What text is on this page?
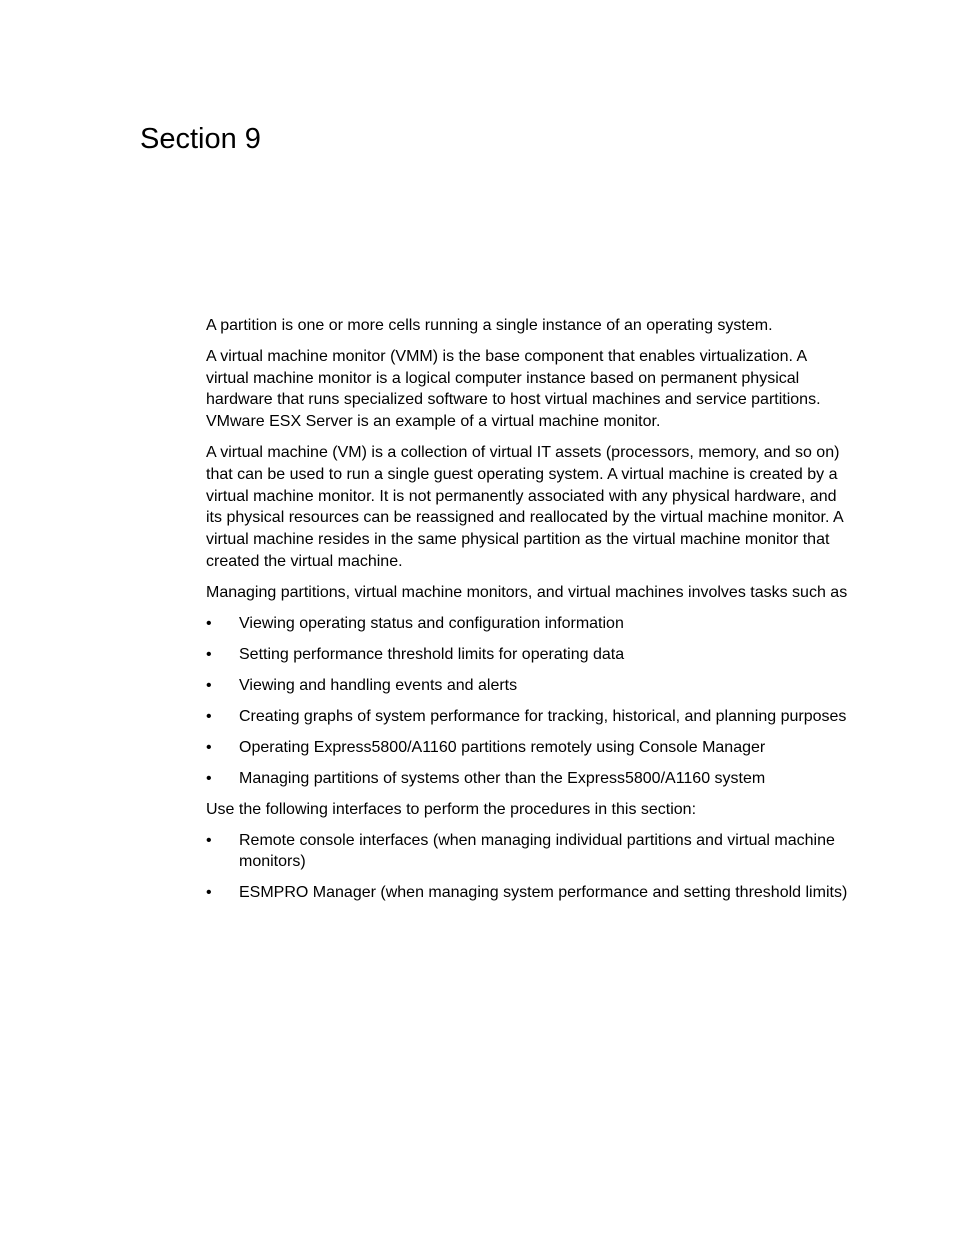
Section 9

A partition is one or more cells running a single instance of an operating system.

A virtual machine monitor (VMM) is the base component that enables virtualization. A virtual machine monitor is a logical computer instance based on permanent physical hardware that runs specialized software to host virtual machines and service partitions. VMware ESX Server is an example of a virtual machine monitor.

A virtual machine (VM) is a collection of virtual IT assets (processors, memory, and so on) that can be used to run a single guest operating system. A virtual machine is created by a virtual machine monitor. It is not permanently associated with any physical hardware, and its physical resources can be reassigned and reallocated by the virtual machine monitor. A virtual machine resides in the same physical partition as the virtual machine monitor that created the virtual machine.

Managing partitions, virtual machine monitors, and virtual machines involves tasks such as

•	Viewing operating status and configuration information
•	Setting performance threshold limits for operating data
•	Viewing and handling events and alerts
•	Creating graphs of system performance for tracking, historical, and planning purposes
•	Operating Express5800/A1160 partitions remotely using Console Manager
•	Managing partitions of systems other than the Express5800/A1160 system

Use the following interfaces to perform the procedures in this section:

•	Remote console interfaces (when managing individual partitions and virtual machine monitors)
•	ESMPRO Manager (when managing system performance and setting threshold limits)
